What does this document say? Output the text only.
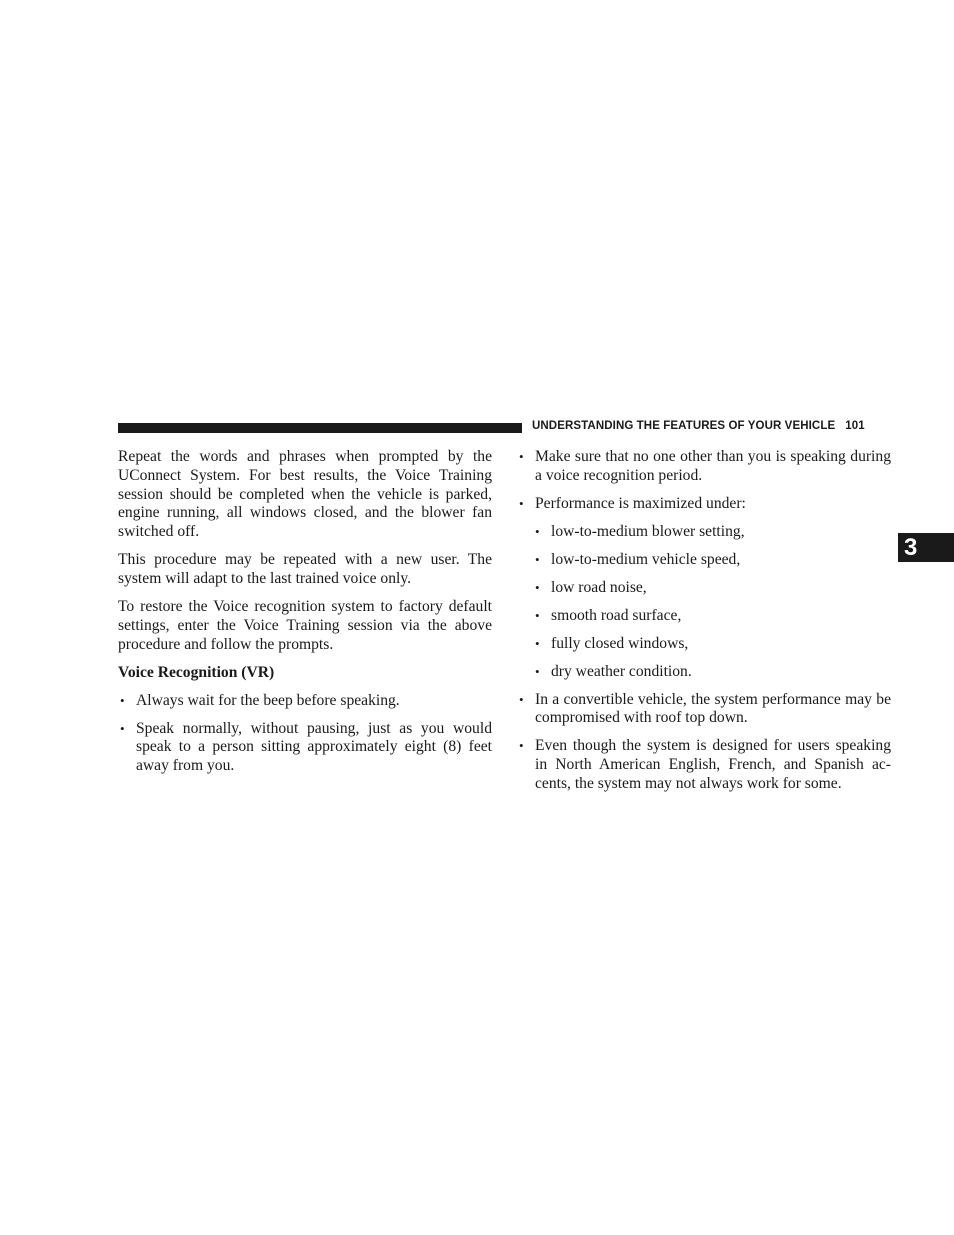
UNDERSTANDING THE FEATURES OF YOUR VEHICLE 101
3

Repeat the words and phrases when prompted by the UConnect System. For best results, the Voice Training session should be completed when the vehicle is parked, engine running, all windows closed, and the blower fan switched off.

This procedure may be repeated with a new user. The system will adapt to the last trained voice only.

To restore the Voice recognition system to factory default settings, enter the Voice Training session via the above procedure and follow the prompts.

Voice Recognition (VR)
• Always wait for the beep before speaking.
• Speak normally, without pausing, just as you would speak to a person sitting approximately eight (8) feet away from you.
• Make sure that no one other than you is speaking during a voice recognition period.
• Performance is maximized under:
• low-to-medium blower setting,
• low-to-medium vehicle speed,
• low road noise,
• smooth road surface,
• fully closed windows,
• dry weather condition.
• In a convertible vehicle, the system performance may be compromised with roof top down.
• Even though the system is designed for users speaking in North American English, French, and Spanish ac-cents, the system may not always work for some.
